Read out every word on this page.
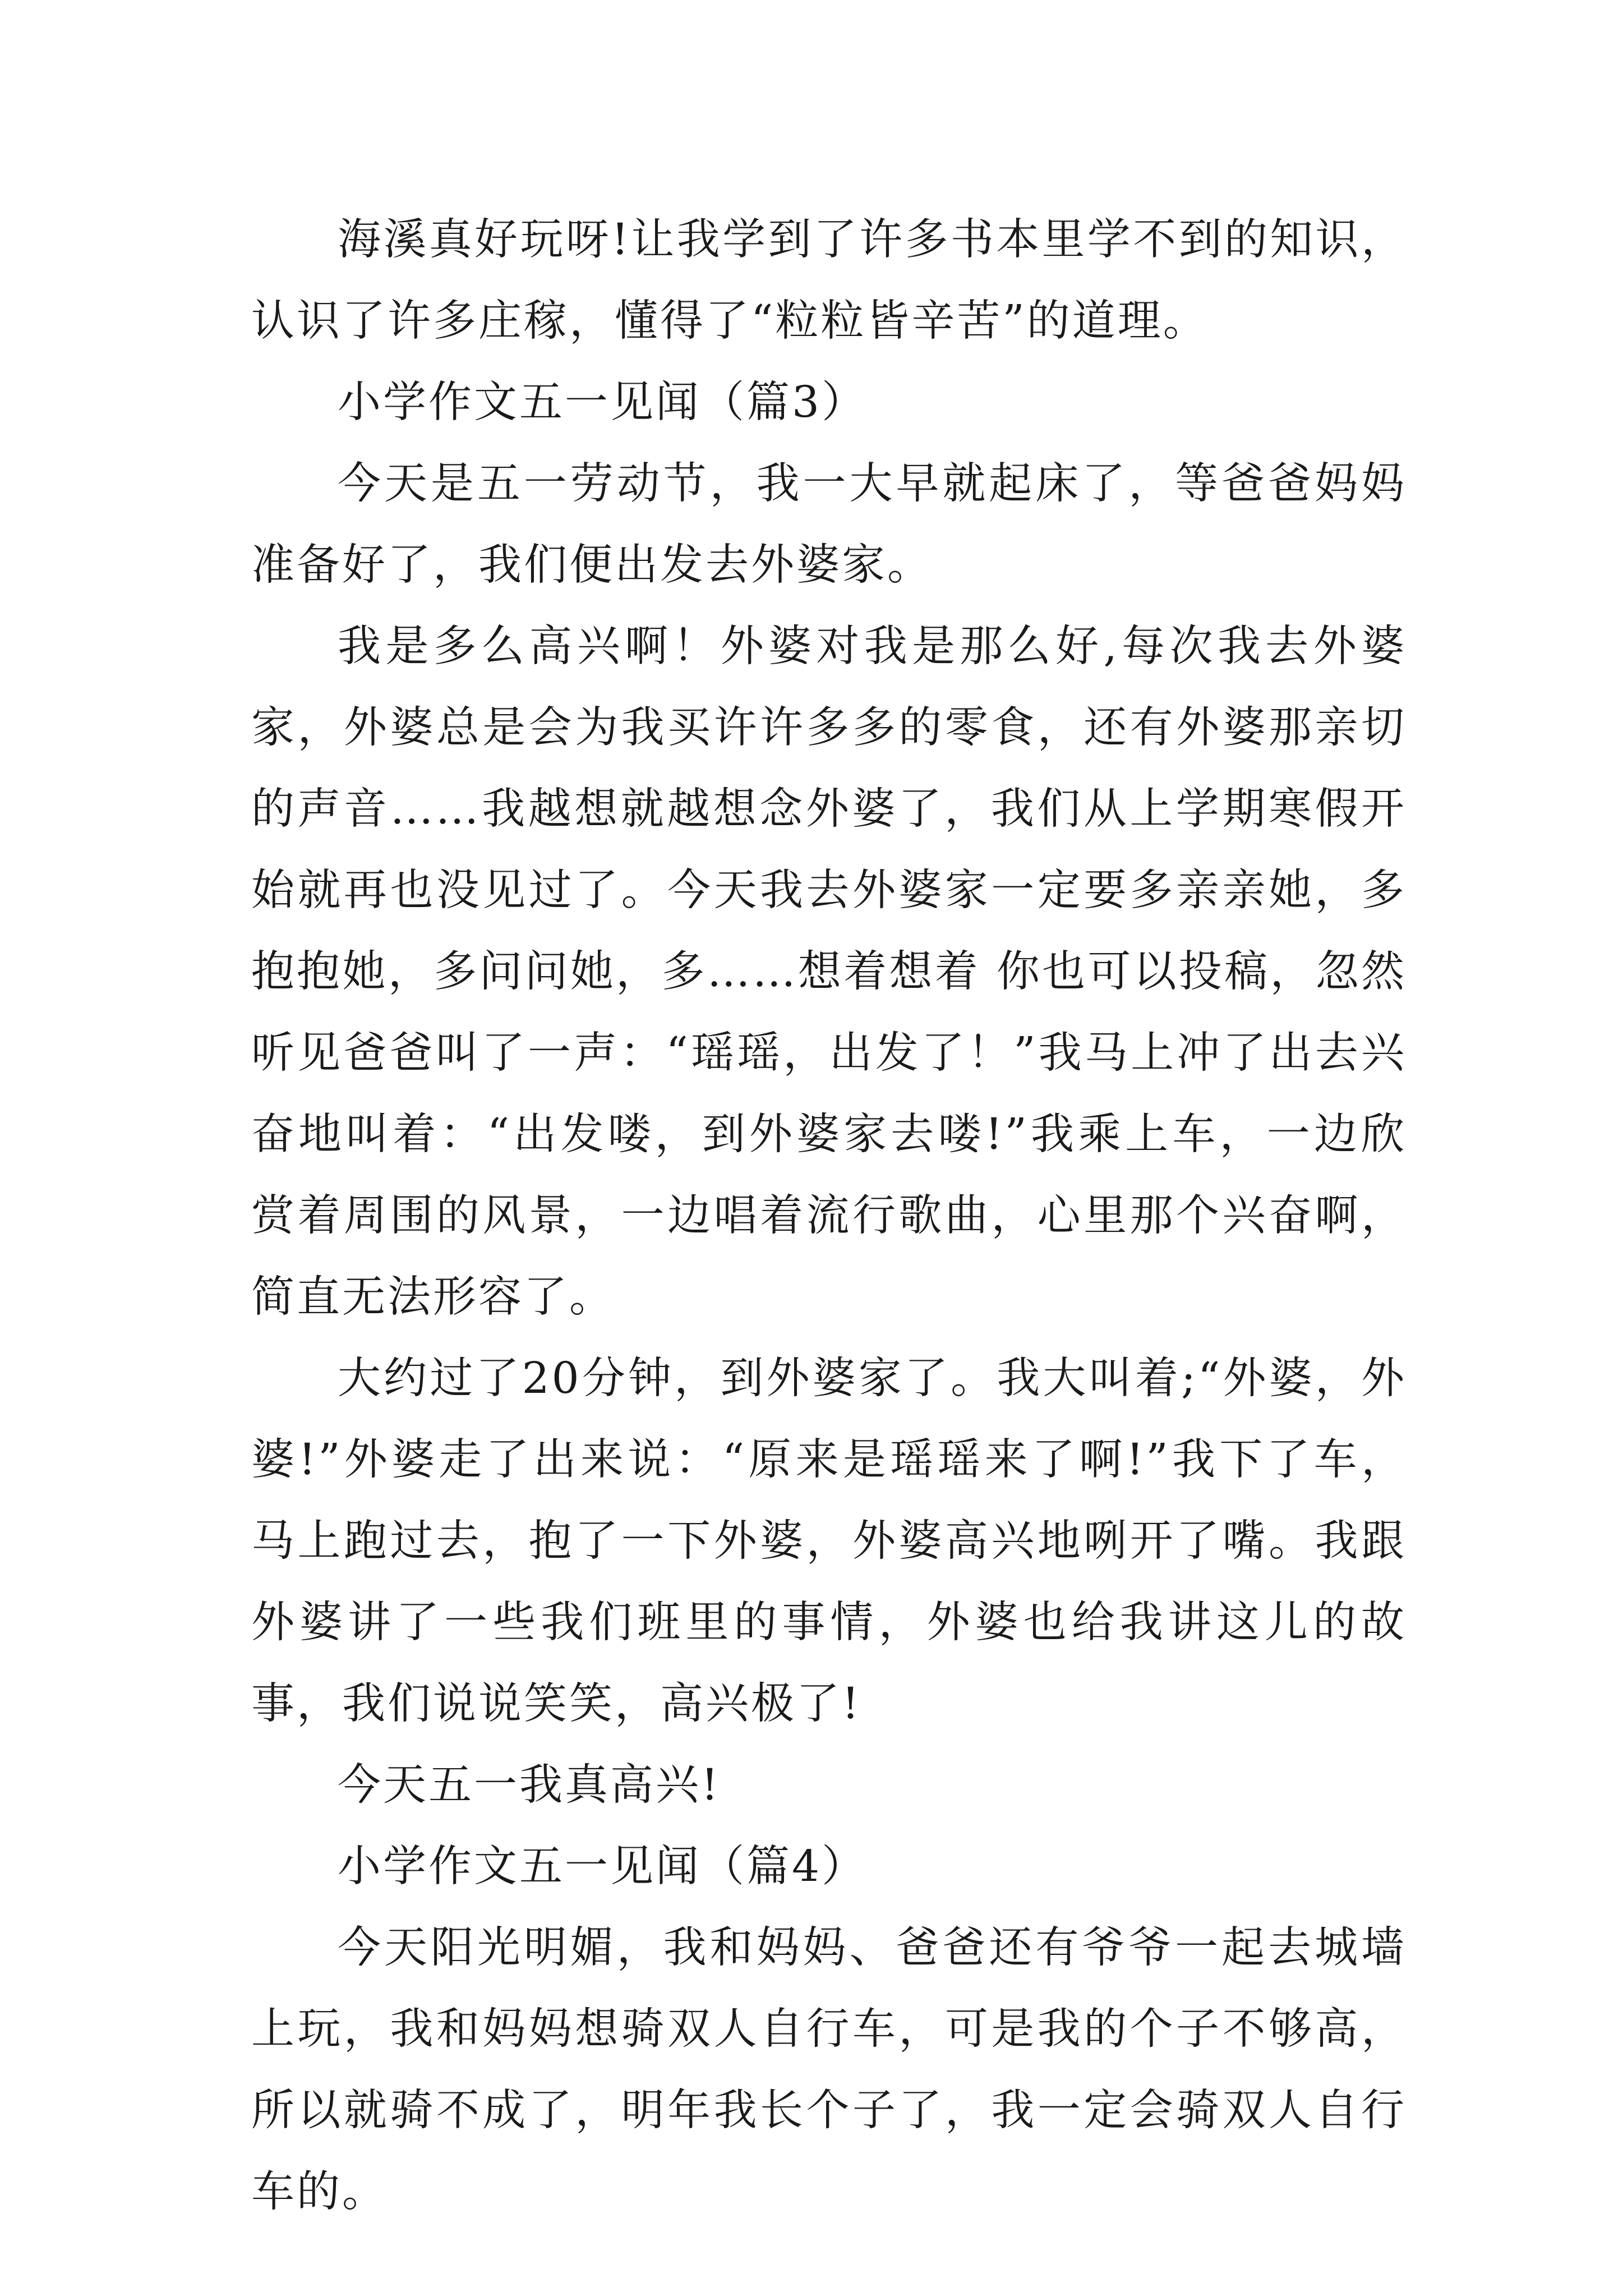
海溪真好玩呀!让我学到了许多书本里学不到的知识，认识了许多庄稼，懂得了“粒粒皆辛苦”的道理。

小学作文五一见闻（篇3）

今天是五一劳动节，我一大早就起床了，等爸爸妈妈准备好了，我们便出发去外婆家。

我是多么高兴啊！外婆对我是那么好,每次我去外婆家，外婆总是会为我买许许多多的零食，还有外婆那亲切的声音……我越想就越想念外婆了，我们从上学期寒假开始就再也没见过了。今天我去外婆家一定要多亲亲她，多抱抱她，多问问她，多……想着想着 你也可以投稿，忽然听见爸爸叫了一声：“瑶瑶，出发了！”我马上冲了出去兴奋地叫着：“出发喽，到外婆家去喽!”我乘上车，一边欣赏着周围的风景，一边唱着流行歌曲，心里那个兴奋啊，简直无法形容了。

大约过了20分钟，到外婆家了。我大叫着;“外婆，外婆!”外婆走了出来说：“原来是瑶瑶来了啊!”我下了车，马上跑过去，抱了一下外婆，外婆高兴地咧开了嘴。我跟外婆讲了一些我们班里的事情，外婆也给我讲这儿的故事，我们说说笑笑，高兴极了!

今天五一我真高兴!

小学作文五一见闻（篇4）

今天阳光明媚，我和妈妈、爸爸还有爷爷一起去城墙上玩，我和妈妈想骑双人自行车，可是我的个子不够高，所以就骑不成了，明年我长个子了，我一定会骑双人自行车的。
